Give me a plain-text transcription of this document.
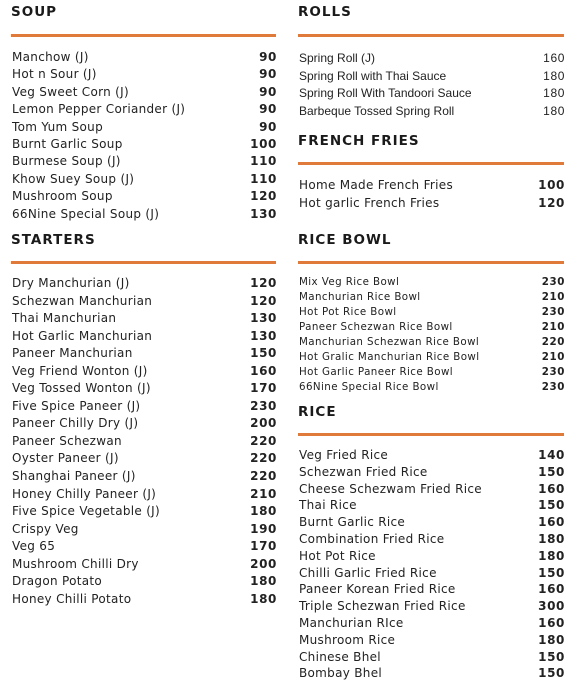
SOUP
Manchow (J)	90
Hot n Sour (J)	90
Veg Sweet Corn (J)	90
Lemon Pepper Coriander (J)	90
Tom Yum Soup	90
Burnt Garlic Soup	100
Burmese Soup (J)	110
Khow Suey Soup (J)	110
Mushroom Soup	120
66Nine Special Soup (J)	130
STARTERS
Dry Manchurian (J)	120
Schezwan Manchurian	120
Thai Manchurian	130
Hot Garlic Manchurian	130
Paneer Manchurian	150
Veg Friend Wonton (J)	160
Veg Tossed Wonton (J)	170
Five Spice Paneer (J)	230
Paneer Chilly Dry (J)	200
Paneer Schezwan	220
Oyster Paneer (J)	220
Shanghai Paneer (J)	220
Honey Chilly Paneer (J)	210
Five Spice Vegetable (J)	180
Crispy Veg	190
Veg 65	170
Mushroom Chilli Dry	200
Dragon Potato	180
Honey Chilli Potato	180
ROLLS
Spring Roll (J)	160
Spring Roll with Thai Sauce	180
Spring Roll With Tandoori Sauce	180
Barbeque Tossed Spring Roll	180
FRENCH FRIES
Home Made French Fries	100
Hot garlic French Fries	120
RICE BOWL
Mix Veg Rice Bowl	230
Manchurian Rice Bowl	210
Hot Pot Rice Bowl	230
Paneer Schezwan Rice Bowl	210
Manchurian Schezwan Rice Bowl	220
Hot Gralic Manchurian Rice Bowl	210
Hot Garlic Paneer Rice Bowl	230
66Nine Special Rice Bowl	230
RICE
Veg Fried Rice	140
Schezwan Fried Rice	150
Cheese Schezwam Fried Rice	160
Thai Rice	150
Burnt Garlic Rice	160
Combination Fried Rice	180
Hot Pot Rice	180
Chilli Garlic Fried Rice	150
Paneer Korean Fried Rice	160
Triple Schezwan Fried Rice	300
Manchurian RIce	160
Mushroom Rice	180
Chinese Bhel	150
Bombay Bhel	150
